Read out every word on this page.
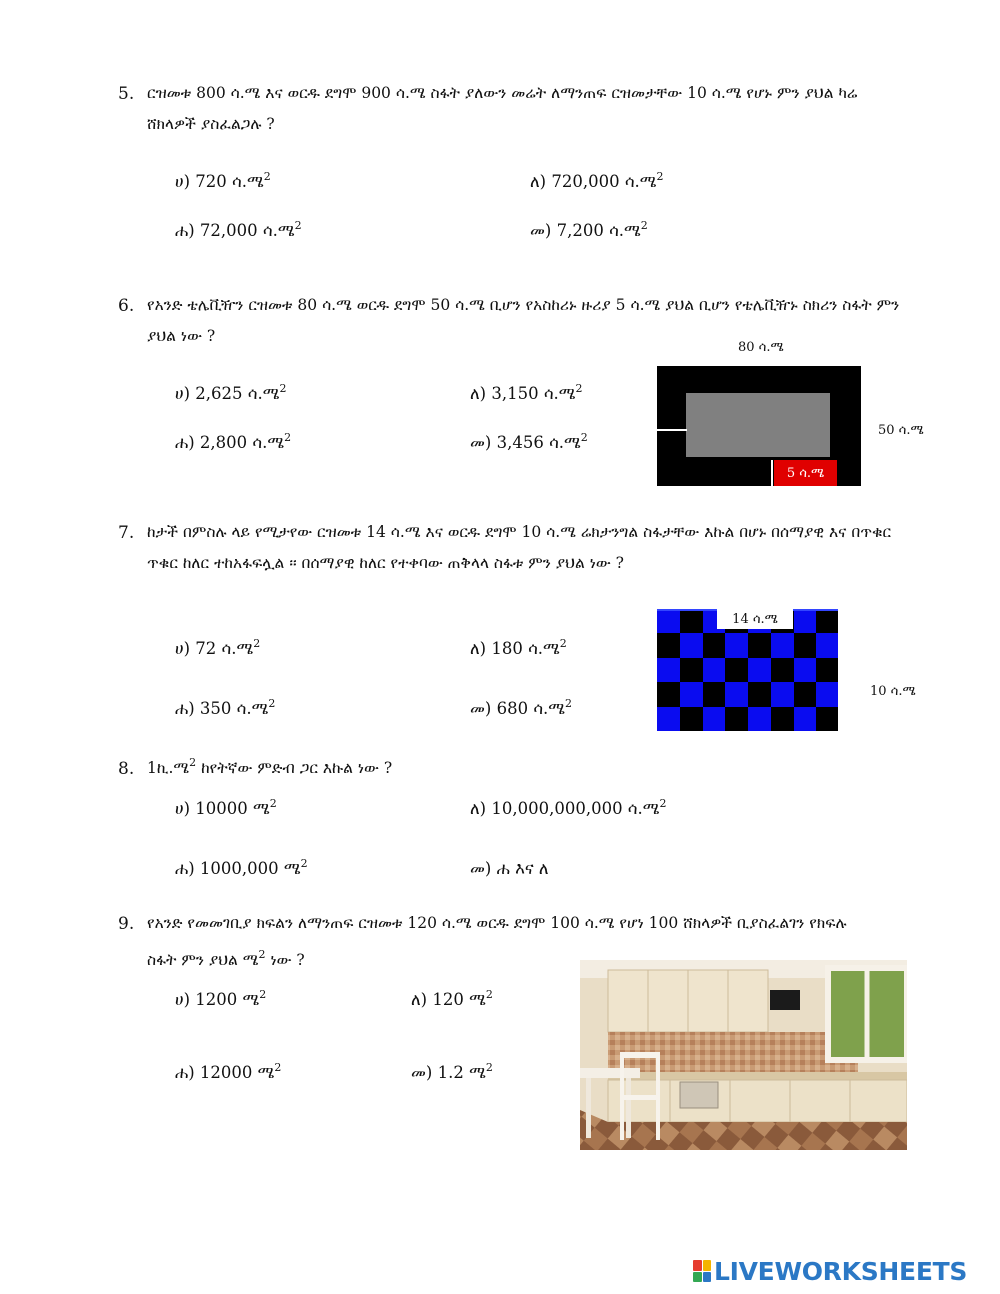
5. ርዝመቱ 800 ሳ.ሜ እና ወርዱ ደግሞ 900 ሳ.ሜ ስፋት ያለውን መሬት ለማንጠፍ ርዝመታቸው 10 ሳ.ሜ የሆኑ ምን ያህል ካሬ
ሸክላዎች ያስፈልጋሉ ?
ሀ) 720 ሳ.ሜ$^2$	ለ) 720,000 ሳ.ሜ$^2$
ሐ) 72,000 ሳ.ሜ$^2$	መ) 7,200 ሳ.ሜ$^2$
6. የአንድ ቴሌቪዥን ርዝመቱ 80 ሳ.ሜ ወርዱ ደግሞ 50 ሳ.ሜ ቢሆን የአስከሪኑ ዙሪያ 5 ሳ.ሜ ያህል ቢሆን የቴሌቪዥኑ ስክሪን ስፋት ምን
ያህል ነው ?
ሀ) 2,625 ሳ.ሜ$^2$	ለ) 3,150 ሳ.ሜ$^2$
ሐ) 2,800 ሳ.ሜ$^2$	መ) 3,456 ሳ.ሜ$^2$
80 ሳ.ሜ
5 ሳ.ሜ
50 ሳ.ሜ
7. ከታች በምስሉ ላይ የሚታየው ርዝመቱ 14 ሳ.ሜ እና ወርዱ ደግሞ 10 ሳ.ሜ ሬክታንግል ስፋታቸው እኩል በሆኑ በሰማያዊ እና በጥቁር
ጥቁር ከለር ተከአፋፍሏል ፡፡ በሰማያዊ ከለር የተቀባው ጠቅላላ ስፋቱ ምን ያህል ነው ?
ሀ) 72 ሳ.ሜ$^2$	ለ) 180 ሳ.ሜ$^2$
ሐ) 350 ሳ.ሜ$^2$	መ) 680 ሳ.ሜ$^2$
14 ሳ.ሜ
10 ሳ.ሜ
8. 1ኪ.ሜ$^2$ ከየትኛው ምድብ ጋር እኩል ነው ?
ሀ) 10000 ሜ$^2$	ለ) 10,000,000,000 ሳ.ሜ$^2$
ሐ) 1000,000 ሜ$^2$	መ) ሐ እና ለ
9. የአንድ የመመገቢያ ክፍልን ለማንጠፍ ርዝመቱ 120 ሳ.ሜ ወርዱ ደግሞ 100 ሳ.ሜ የሆነ 100 ሸክላዎች ቢያስፈልገን የክፍሉ
ስፋት ምን ያህል ሜ$^2$ ነው ?
ሀ) 1200 ሜ$^2$	ለ) 120 ሜ$^2$
ሐ) 12000 ሜ$^2$	መ) 1.2 ሜ$^2$
LIVEWORKSHEETS
